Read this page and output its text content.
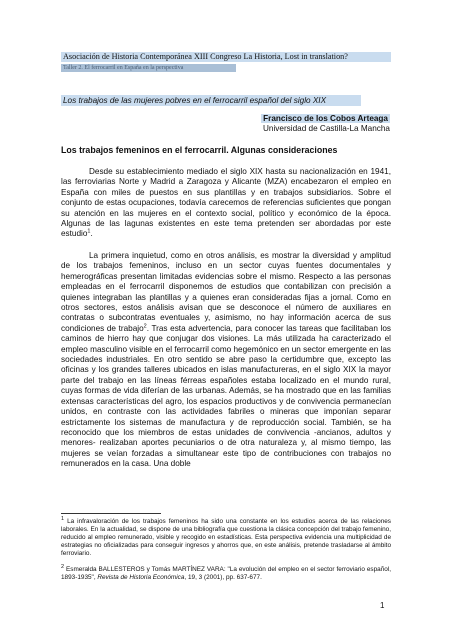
Asociación de Historia Contemporánea XIII Congreso La Historia, Lost in translation?
Taller 2. El ferrocarril en España en la perspectiva
Los trabajos de las mujeres pobres en el ferrocarril español del siglo XIX
Francisco de los Cobos Arteaga
Universidad de Castilla-La Mancha
Los trabajos femeninos en el ferrocarril. Algunas consideraciones

Desde su establecimiento mediado el siglo XIX hasta su nacionalización en 1941, las ferroviarias Norte y Madrid a Zaragoza y Alicante (MZA) encabezaron el empleo en España con miles de puestos en sus plantillas y en trabajos subsidiarios. Sobre el conjunto de estas ocupaciones, todavía carecemos de referencias suficientes que pongan su atención en las mujeres en el contexto social, político y económico de la época. Algunas de las lagunas existentes en este tema pretenden ser abordadas por este estudio$^1$.

La primera inquietud, como en otros análisis, es mostrar la diversidad y amplitud de los trabajos femeninos, incluso en un sector cuyas fuentes documentales y hemerográficas presentan limitadas evidencias sobre el mismo. Respecto a las personas empleadas en el ferrocarril disponemos de estudios que contabilizan con precisión a quienes integraban las plantillas y a quienes eran consideradas fijas a jornal. Como en otros sectores, estos análisis avisan que se desconoce el número de auxiliares en contratas o subcontratas eventuales y, asimismo, no hay información acerca de sus condiciones de trabajo$^2$. Tras esta advertencia, para conocer las tareas que facilitaban los caminos de hierro hay que conjugar dos visiones. La más utilizada ha caracterizado el empleo masculino visible en el ferrocarril como hegemónico en un sector emergente en las sociedades industriales. En otro sentido se abre paso la certidumbre que, excepto las oficinas y los grandes talleres ubicados en islas manufactureras, en el siglo XIX la mayor parte del trabajo en las líneas férreas españoles estaba localizado en el mundo rural, cuyas formas de vida diferían de las urbanas. Además, se ha mostrado que en las familias extensas características del agro, los espacios productivos y de convivencia permanecían unidos, en contraste con las actividades fabriles o mineras que imponían separar estrictamente los sistemas de manufactura y de reproducción social. También, se ha reconocido que los miembros de estas unidades de convivencia -ancianos, adultos y menores- realizaban aportes pecuniarios o de otra naturaleza y, al mismo tiempo, las mujeres se veían forzadas a simultanear este tipo de contribuciones con trabajos no remunerados en la casa. Una doble

$^1$ La infravaloración de los trabajos femeninos ha sido una constante en los estudios acerca de las relaciones laborales. En la actualidad, se dispone de una bibliografía que cuestiona la clásica concepción del trabajo femenino, reducido al empleo remunerado, visible y recogido en estadísticas. Esta perspectiva evidencia una multiplicidad de estrategias no oficializadas para conseguir ingresos y ahorros que, en este análisis, pretende trasladarse al ámbito ferroviario.

$^2$ Esmeralda BALLESTEROS y Tomás MARTÍNEZ VARA: "La evolución del empleo en el sector ferroviario español, 1893-1935", Revista de Historia Económica, 19, 3 (2001), pp. 637-677.

1
